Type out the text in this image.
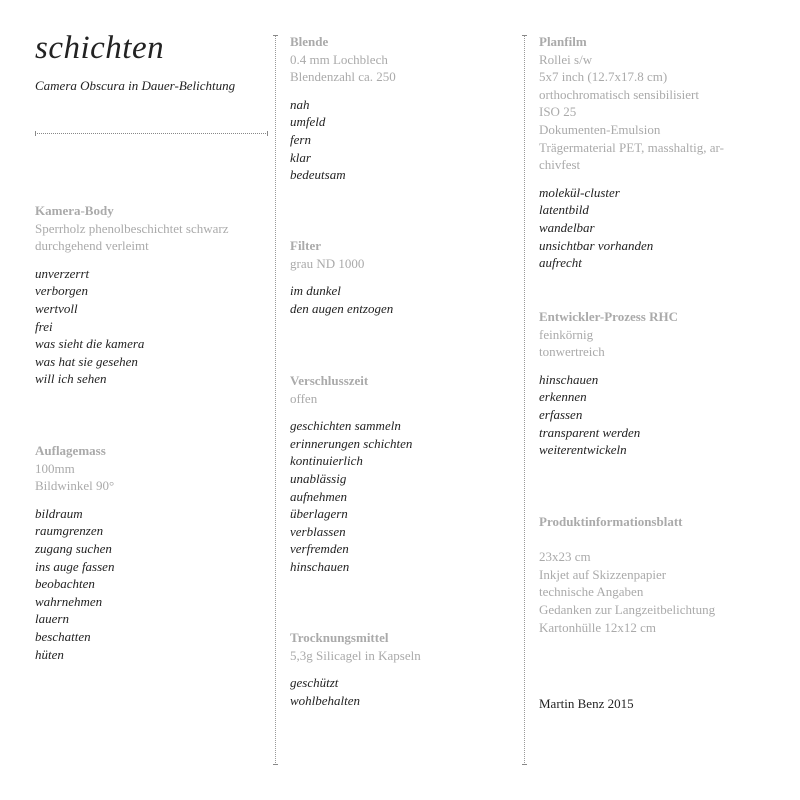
schichten
Camera Obscura in Dauer-Belichtung
Kamera-Body
Sperrholz phenolbeschichtet schwarz
durchgehend verleimt
unverzerrt
verborgen
wertvoll
frei
was sieht die kamera
was hat sie gesehen
will ich sehen
Auflagemass
100mm
Bildwinkel 90°
bildraum
raumgrenzen
zugang suchen
ins auge fassen
beobachten
wahrnehmen
lauern
beschatten
hüten
Blende
0.4 mm Lochblech
Blendenzahl ca. 250
nah
umfeld
fern
klar
bedeutsam
Filter
grau ND 1000
im dunkel
den augen entzogen
Verschlusszeit
offen
geschichten sammeln
erinnerungen schichten
kontinuierlich
unablässig
aufnehmen
überlagern
verblassen
verfremden
hinschauen
Trocknungsmittel
5,3g Silicagel in Kapseln
geschützt
wohlbehalten
Planfilm
Rollei s/w
5x7 inch (12.7x17.8 cm)
orthochromatisch sensibilisiert
ISO 25
Dokumenten-Emulsion
Trägermaterial PET, masshaltig, ar-
chivfest
molekül-cluster
latentbild
wandelbar
unsichtbar vorhanden
aufrecht
Entwickler-Prozess RHC
feinkörnig
tonwertreich
hinschauen
erkennen
erfassen
transparent werden
weiterentwickeln
Produktinformationsblatt
23x23 cm
Inkjet auf Skizzenpapier
technische Angaben
Gedanken zur Langzeitbelichtung
Kartonhülle 12x12 cm
Martin Benz 2015
